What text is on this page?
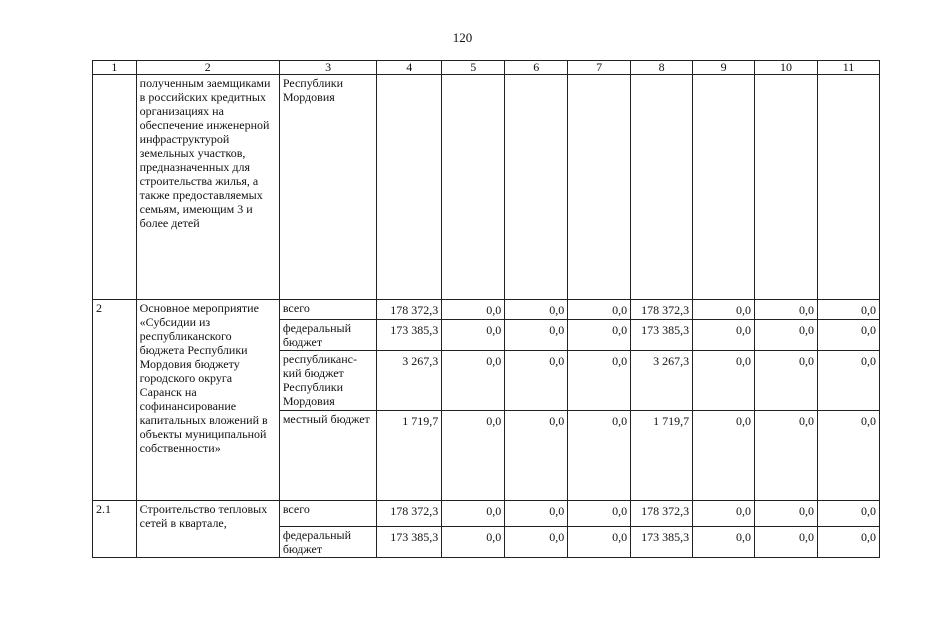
120
1	2	3	4	5	6	7	8	9	10	11
	полученным заемщиками в российских кредитных организациях на обеспечение инженерной инфраструктурой земельных участков, предназначенных для строительства жилья, а также предоставляемых семьям, имеющим 3 и более детей	Республики Мордовия								
2	Основное мероприятие «Субсидии из республиканского бюджета Республики Мордовия бюджету городского округа Саранск на софинансирование капитальных вложений в объекты муниципальной собственности»	всего	178 372,3	0,0	0,0	0,0	178 372,3	0,0	0,0	0,0
		федеральный бюджет	173 385,3	0,0	0,0	0,0	173 385,3	0,0	0,0	0,0
		республиканс-кий бюджет Республики Мордовия	3 267,3	0,0	0,0	0,0	3 267,3	0,0	0,0	0,0
		местный бюджет	1 719,7	0,0	0,0	0,0	1 719,7	0,0	0,0	0,0

2.1	Строительство тепловых сетей в квартале,	всего	178 372,3	0,0	0,0	0,0	178 372,3	0,0	0,0	0,0
		федеральный бюджет	173 385,3	0,0	0,0	0,0	173 385,3	0,0	0,0	0,0
